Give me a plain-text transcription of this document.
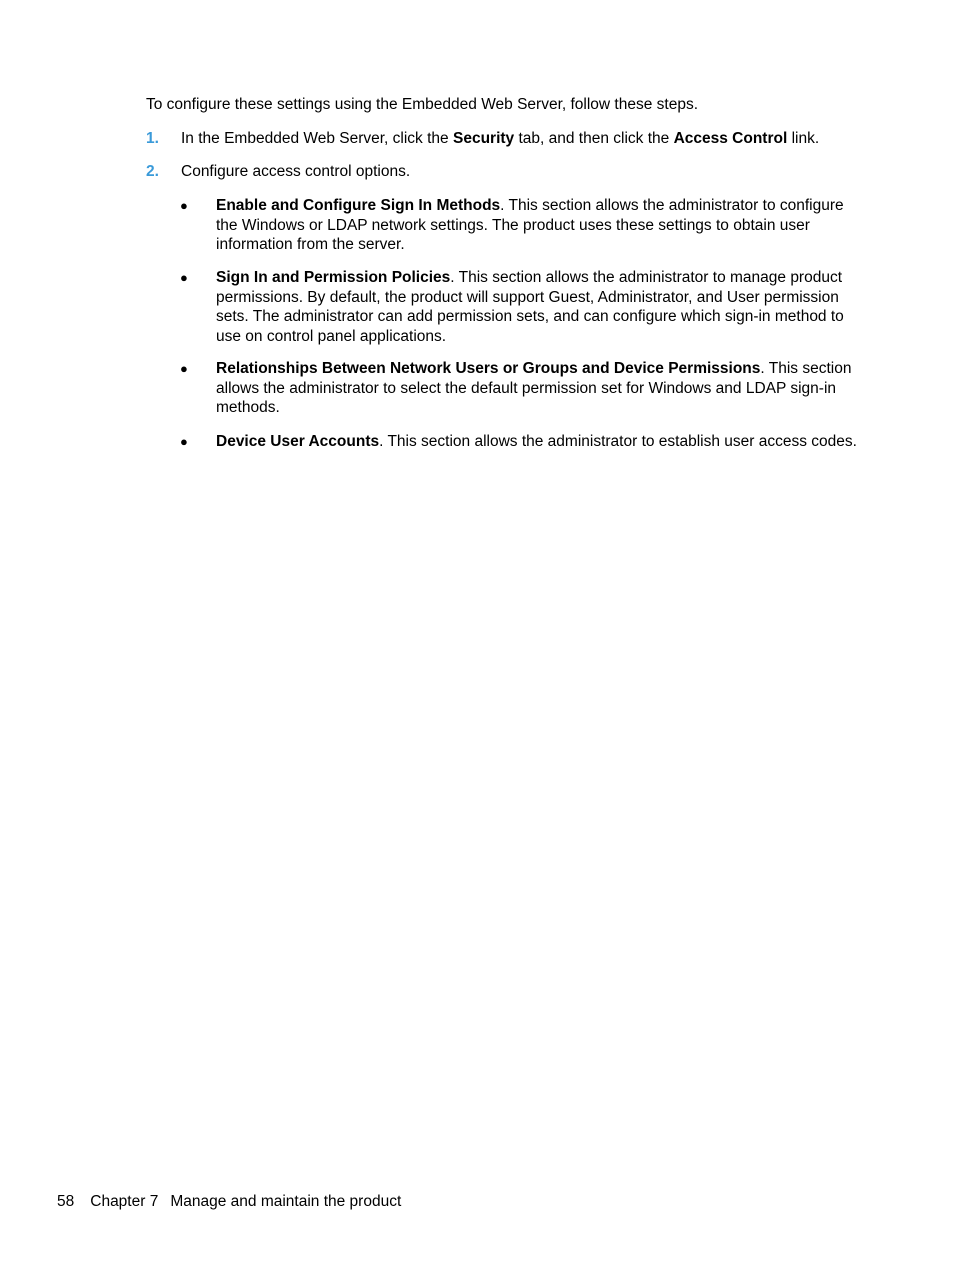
To configure these settings using the Embedded Web Server, follow these steps.

1. In the Embedded Web Server, click the Security tab, and then click the Access Control link.
2. Configure access control options.
● Enable and Configure Sign In Methods. This section allows the administrator to configure the Windows or LDAP network settings. The product uses these settings to obtain user information from the server.
● Sign In and Permission Policies. This section allows the administrator to manage product permissions. By default, the product will support Guest, Administrator, and User permission sets. The administrator can add permission sets, and can configure which sign-in method to use on control panel applications.
● Relationships Between Network Users or Groups and Device Permissions. This section allows the administrator to select the default permission set for Windows and LDAP sign-in methods.
● Device User Accounts. This section allows the administrator to establish user access codes.
58 Chapter 7 Manage and maintain the product
